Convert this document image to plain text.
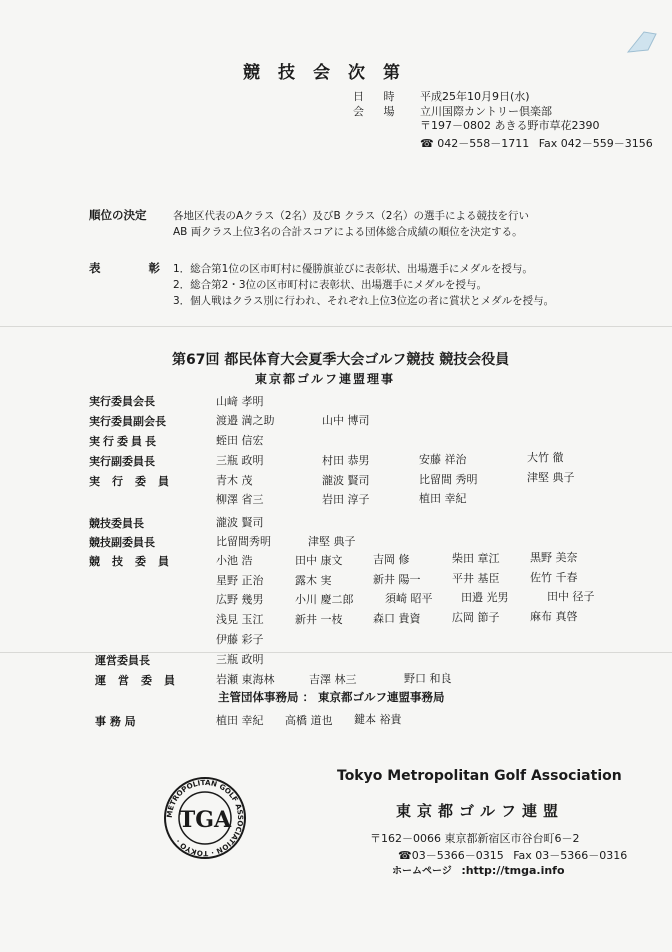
競技会次第
日 時 平成25年10月9日(水)
会 場 立川国際カントリー倶楽部
〒197－0802 あきる野市草花2390
☎ 042－558－1711 Fax 042－559－3156
順位の決定	各地区代表のAクラス（2名）及びB クラス（2名）の選手による競技を行い
AB 両クラス上位3名の合計スコアによる団体総合成績の順位を決定する。
表 彰
1．総合第1位の区市町村に優勝旗並びに表彰状、出場選手にメダルを授与。
2．総合第2・3位の区市町村に表彰状、出場選手にメダルを授与。
3．個人戦はクラス別に行われ、それぞれ上位3位迄の者に賞状とメダルを授与。
第67回 都民体育大会夏季大会ゴルフ競技 競技会役員
東京都ゴルフ連盟理事
実行委員会長	山﨑 孝明
実行委員副会長	渡邉 満之助	山中 博司
実行委員長	蛭田 信宏
実行副委員長	三瓶 政明	村田 恭男	安藤 祥治	大竹 徹
実行委員	青木 茂	瀧波 賢司	比留間 秀明	津堅 典子
柳澤 省三	岩田 淳子	植田 幸紀
競技委員長	瀧波 賢司
競技副委員長	比留間秀明	津堅 典子
競技委員	小池 浩	田中 康文	吉岡 修	柴田 章江	黒野 美奈
星野 正治	露木 実	新井 陽一	平井 基臣	佐竹 千春
広野 幾男	小川 慶二郎	須崎 昭平	田邉 光男	田中 径子
浅見 玉江	新井 一枝	森口 貴資	広岡 節子	麻布 真啓
伊藤 彩子
運営委員長	三瓶 政明
運営委員	岩瀬 東海林	吉澤 林三	野口 和良
主管団体事務局 ： 東京都ゴルフ連盟事務局
事 務 局	植田 幸紀 高橋 道也 鍵本 裕貴
METROPOLITAN GOLF ASSOCIATION · TOKYO ·
TGA
Tokyo Metropolitan Golf Association
東京都ゴルフ連盟
〒162－0066 東京都新宿区市谷台町6－2
☎03－5366－0315 Fax 03－5366－0316
ホームページ :http://tmga.info
